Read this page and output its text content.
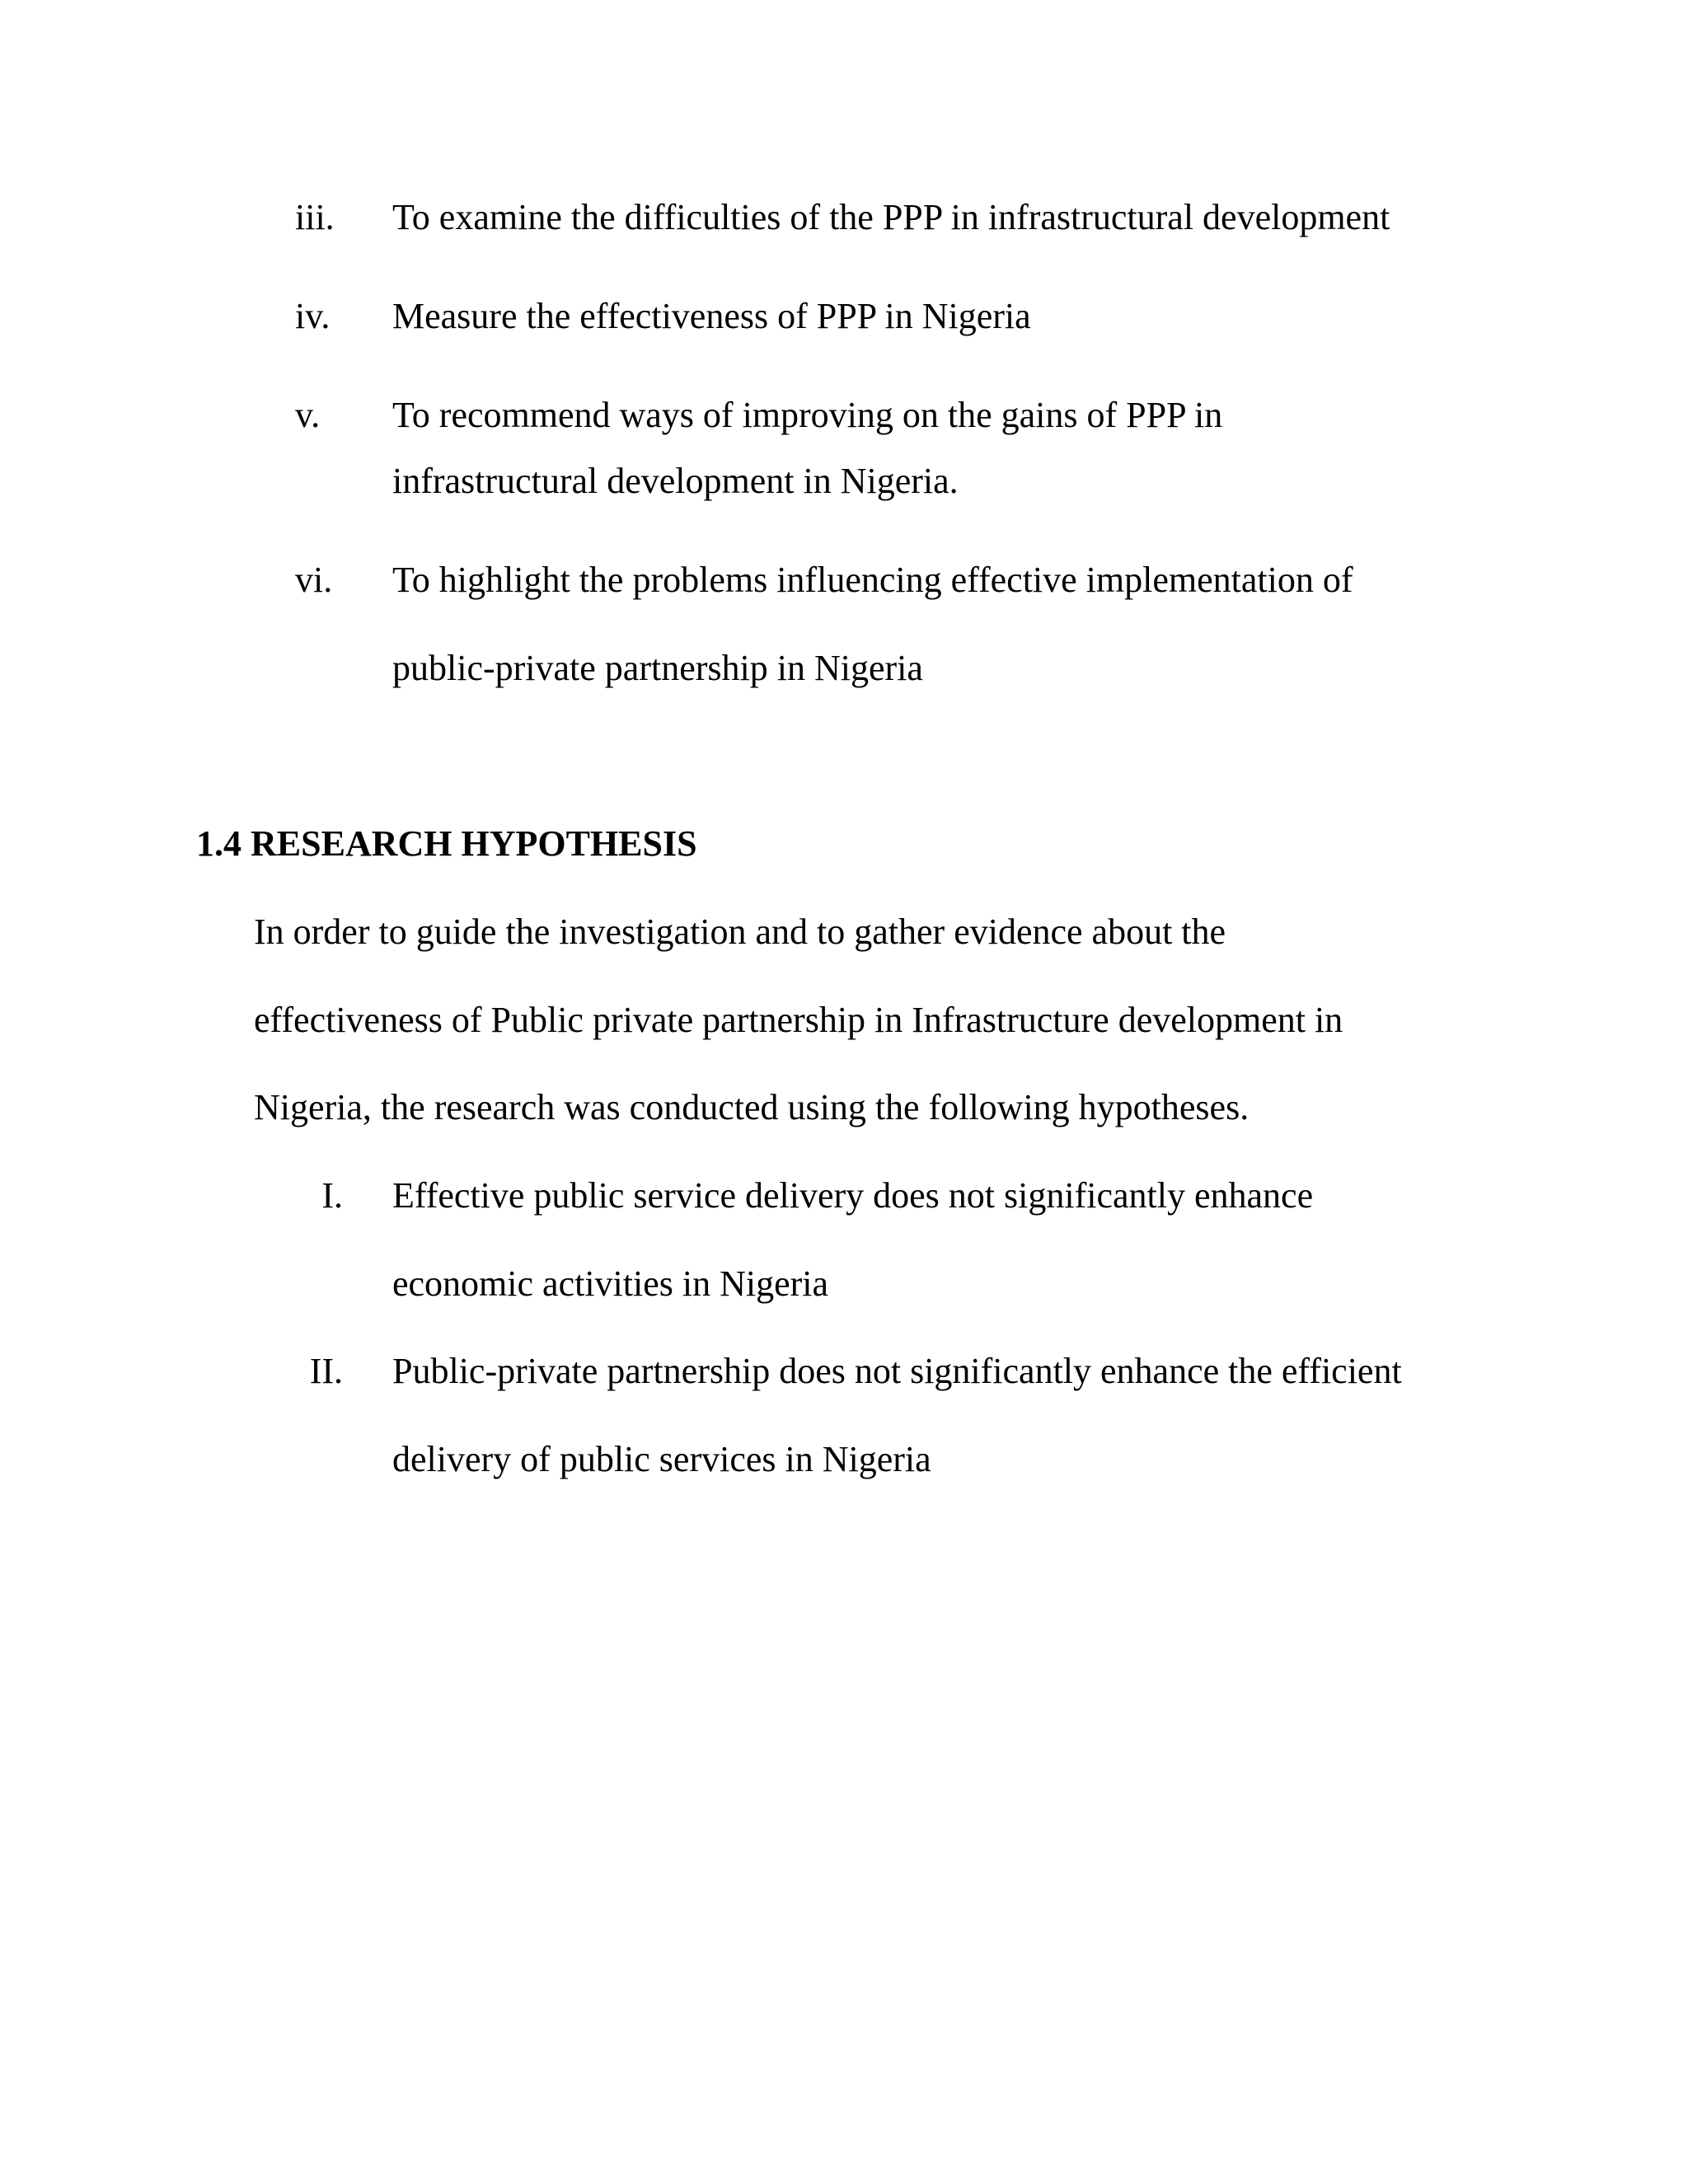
iii. To examine the difficulties of the PPP in infrastructural development
iv. Measure the effectiveness of PPP in Nigeria
v. To recommend ways of improving on the gains of PPP in
infrastructural development in Nigeria.
vi. To highlight the problems influencing effective implementation of
public-private partnership in Nigeria
1.4 RESEARCH HYPOTHESIS
In order to guide the investigation and to gather evidence about the
effectiveness of Public private partnership in Infrastructure development in
Nigeria, the research was conducted using the following hypotheses.
I. Effective public service delivery does not significantly enhance
economic activities in Nigeria
II. Public-private partnership does not significantly enhance the efficient
delivery of public services in Nigeria
